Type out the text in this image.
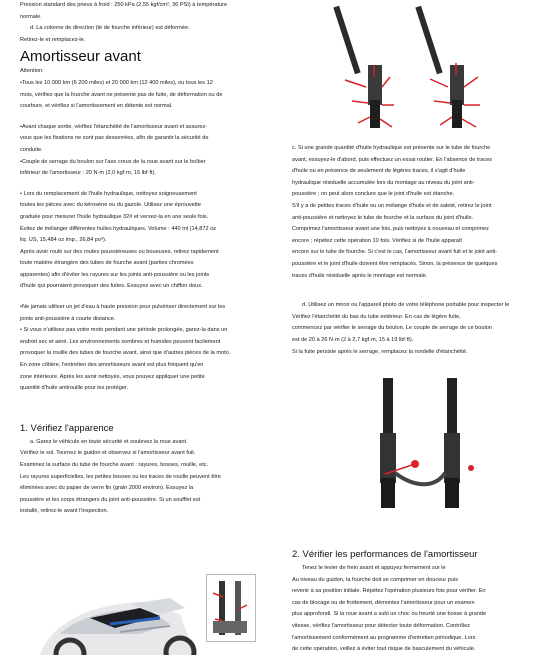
Pression standard des pneus à froid : 250 kPa (2,55 kgf/cm², 36 PSI) à température

normale.

d. La colonne de direction (té de fourche inférieur) est déformée.

Retirez-le et remplacez-le.

Amortisseur avant

Attention:

•Tous les 10 000 km (6 200 miles) et 20 000 km (12 400 miles), ou tous les 12

mois, vérifiez que la fourche avant ne présente pas de fuite, de déformation ou de

courbure, et vérifiez si l'amortissement en détente est normal.

•Avant chaque sortie, vérifiez l'étanchéité de l'amortisseur avant et assurez-

vous que les fixations ne sont pas desserrées, afin de garantir la sécurité de

conduite.

•Couple de serrage du boulon sur l'axe creux de la roue avant sur le boîtier

inférieur de l'amortisseur : 20 N·m (2,0 kgf·m, 15 lbf·ft).

• Lors du remplacement de l'huile hydraulique, nettoyez soigneusement

toutes les pièces avec du kérosène ou du gazole. Utilisez une éprouvette

graduée pour mesurer l'huile hydraulique 32# et versez-la en une seule fois.

Évitez de mélanger différentes huiles hydrauliques. Volume : 440 ml (14,872 oz

liq. US, 15,484 oz imp., 26,84 po³).

Après avoir roulé sur des routes poussiéreuses ou boueuses, retirez rapidement

toute matière étrangère des tubes de fourche avant (parties chromées

apparentes) afin d'éviter les rayures sur les joints anti-poussière ou les joints

d'huile qui pourraient provoquer des fuites. Essuyez avec un chiffon doux.

•Ne jamais utiliser un jet d'eau à haute pression pour pulvériser directement sur les

joints anti-poussière à courte distance.

• Si vous n'utilisez pas votre moto pendant une période prolongée, garez-la dans un

endroit sec et aéré. Les environnements sombres et humides peuvent facilement

provoquer la rouille des tubes de fourche avant, ainsi que d'autres pièces de la moto.

En zone côtière, l'entretien des amortisseurs avant est plus fréquent qu'en

zone intérieure. Après les avoir nettoyés, vous pouvez appliquer une petite

quantité d'huile antirouille pour les protéger.

1. Vérifiez l'apparence

a. Garez le véhicule en toute sécurité et soulevez la roue avant.

Vérifiez le sol. Tournez le guidon et observez si l'amortisseur avant fuit.

Examinez la surface du tube de fourche avant : rayures, bosses, rouille, etc.

Les rayures superficielles, les petites bosses ou les traces de rouille peuvent être

éliminées avec du papier de verre fin (grain 2000 environ). Essuyez la

poussière et les corps étrangers du joint anti-poussière. Si un soufflet est

installé, retirez-le avant l'inspection.

c. Si une grande quantité d'huile hydraulique est présente sur le tube de fourche

avant, essuyez-le d'abord, puis effectuez un essai routier. En l'absence de traces

d'huile ou en présence de seulement de légères traces, il s'agit d'huile

hydraulique résiduelle accumulée lors du montage au niveau du joint anti-

poussière ; on peut alors conclure que le joint d'huile est étanche.

S'il y a de petites traces d'huile ou un mélange d'huile et de saleté, retirez le joint

anti-poussière et nettoyez le tube de fourche et la surface du joint d'huile.

Comprimez l'amortisseur avant une fois, puis nettoyez à nouveau et comprimez

encore ; répétez cette opération 10 fois. Vérifiez si de l'huile apparaît

encore sur le tube de fourche. Si c'est le cas, l'amortisseur avant fuit et le joint anti-

poussière et le joint d'huile doivent être remplacés. Sinon, la présence de quelques

traces d'huile résiduelle après le montage est normale.

d. Utilisez un miroir ou l'appareil photo de votre téléphone portable pour inspecter le

Vérifiez l'étanchéité du bas du tube extérieur. En cas de légère fuite,

commencez par vérifier le serrage du boulon. Le couple de serrage de ce boulon

est de 20 à 26 N·m (2 à 2,7 kgf·m, 15 à 19 lbf·ft).

Si la fuite persiste après le serrage, remplacez la rondelle d'étanchéité.

2. Vérifier les performances de l'amortisseur

Tenez le levier de frein avant et appuyez fermement sur le

Au niveau du guidon, la fourche doit se comprimer en douceur puis

revenir à sa position initiale. Répétez l'opération plusieurs fois pour vérifier. En

cas de blocage ou de frottement, démontez l'amortisseur pour un examen

plus approfondi. Si la roue avant a subi un choc ou heurté une bosse à grande

vitesse, vérifiez l'amortisseur pour détecter toute déformation. Contrôlez

l'amortissement conformément au programme d'entretien périodique. Lors

de cette opération, veillez à éviter tout risque de basculement du véhicule.
